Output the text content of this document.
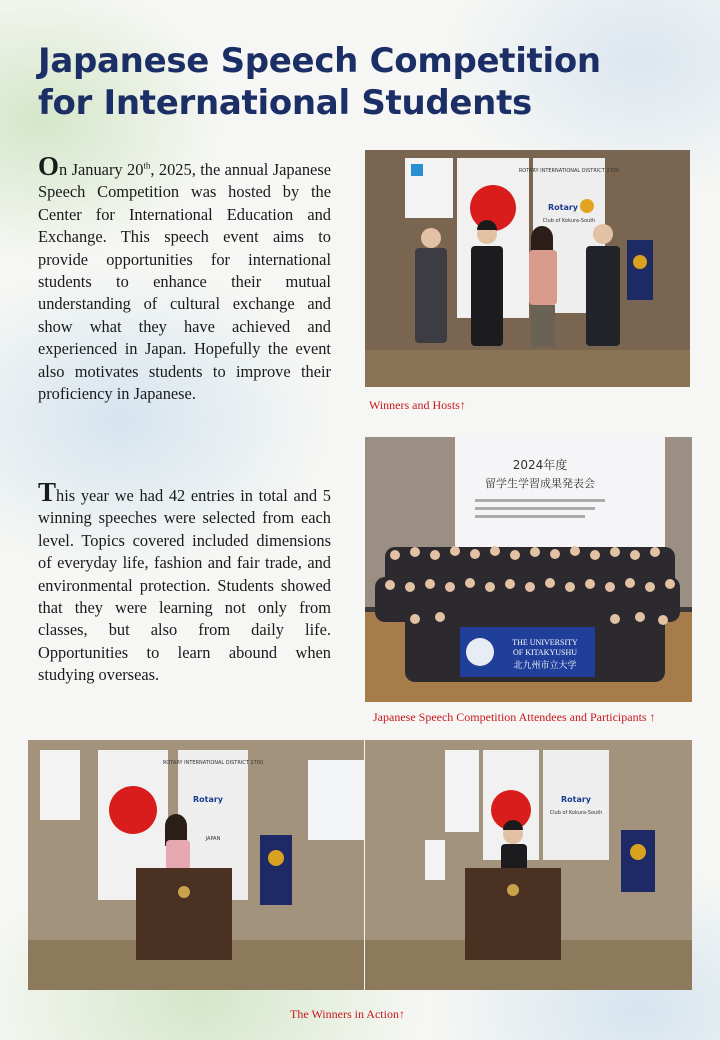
Japanese Speech Competition
for International Students

On January 20th, 2025, the annual Japanese Speech Competition was hosted by the Center for International Education and Exchange. This speech event aims to provide opportunities for international students to enhance their mutual understanding of cultural exchange and show what they have achieved and experienced in Japan. Hopefully the event also motivates students to improve their proficiency in Japanese.

This year we had 42 entries in total and 5 winning speeches were selected from each level. Topics covered included dimensions of everyday life, fashion and fair trade, and environmental protection. Students showed that they were learning not only from classes, but also from daily life. Opportunities to learn abound when studying overseas.

ROTARY INTERNATIONAL DISTRICT 2700
Rotary
Club of Kokura-South

Winners and Hosts↑

2024年度
留学生学習成果発表会
THE UNIVERSITY
OF KITAKYUSHU
北九州市立大学

Japanese Speech Competition Attendees and Participants ↑

ROTARY INTERNATIONAL DISTRICT 2700
Rotary
JAPAN
Rotary
Club of Kokura-South

The Winners in Action↑
